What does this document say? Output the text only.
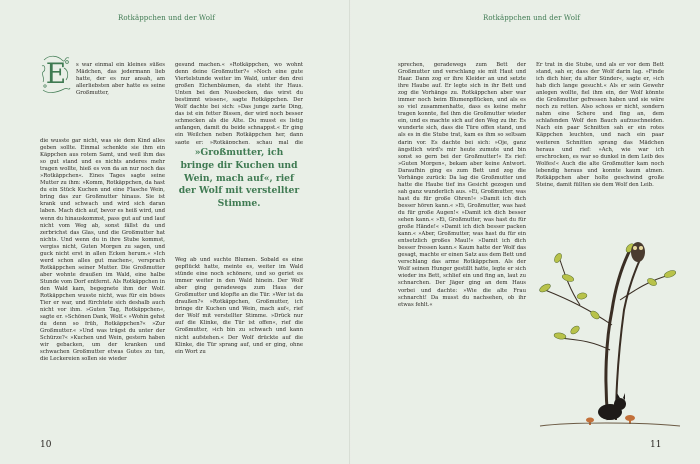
Rotkäppchen und der Wolf	Rotkäppchen und der Wolf
E s war einmal ein kleines süßes Mädchen, das jedermann lieb hatte, der es nur ansah, am allerliebsten aber hatte es seine Großmutter,
die wusste gar nicht, was sie dem Kind alles geben sollte. Einmal schenkte sie ihm ein Käppchen aus rotem Samt, und weil ihm das so gut stand und es nichts anderes mehr tragen wollte, hieß es von da an nur noch das »Rotkäppchen«. Eines Tages sagte seine Mutter zu ihm: »Komm, Rotkäppchen, da hast du ein Stück Kuchen und eine Flasche Wein, bring das zur Großmutter hinaus. Sie ist krank und schwach und wird sich daran laben. Mach dich auf, bevor es heiß wird, und wenn du hinauskommst, pass gut auf und lauf nicht vom Weg ab, sonst fällst du und zerbrichst das Glas, und die Großmutter hat nichts. Und wenn du in ihre Stube kommst, vergiss nicht, Guten Morgen zu sagen, und guck nicht erst in allen Ecken herum.« »Ich werd schon alles gut machen«, versprach Rotkäppchen seiner Mutter. Die Großmutter aber wohnte draußen im Wald, eine halbe Stunde vom Dorf entfernt. Als Rotkäppchen in den Wald kam, begegnete ihm der Wolf. Rotkäppchen wusste nicht, was für ein böses Tier er war, und fürchtete sich deshalb auch nicht vor ihm. »Guten Tag, Rotkäppchen«, sagte er. »Schönen Dank, Wolf.« »Wohin gehst du denn so früh, Rotkäppchen?« »Zur Großmutter.« »Und was trägst du unter der Schürze?« »Kuchen und Wein, gestern haben wir gebacken, um der kranken und schwachen Großmutter etwas Gutes zu tun, die Leckereien sollen sie wieder
gesund machen.« »Rotkäppchen, wo wohnt denn deine Großmutter?« »Noch eine gute Viertelstunde weiter im Wald, unter den drei großen Eichenbäumen, da steht ihr Haus. Unten bei den Nussbecken, das wirst du bestimmt wissen«, sagte Rotkäppchen. Der Wolf dachte bei sich: »Das junge zarte Ding, das ist ein fetter Bissen, der wird noch besser schmecken als die Alte. Du musst es listig anfangen, damit du beide schnappst.« Er ging ein Weilchen neben Rotkäppchen her, dann sagte er: »Rotkäppchen, schau mal die
»Großmutter, ich bringe dir Kuchen und Wein, mach auf«, rief der Wolf mit verstellter Stimme.
Weg ab und suchte Blumen. Sobald es eine gepflückt hatte, meinte es, weiter im Wald stünde eine noch schönere, und so geriet es immer weiter in den Wald hinein. Der Wolf aber ging geradewegs zum Haus der Großmutter und klopfte an die Tür. »Wer ist da draußen?« »Rotkäppchen, Großmutter, ich bringe dir Kuchen und Wein, mach auf«, rief der Wolf mit verstellter Stimme. »Drück nur auf die Klinke, die Tür ist offen«, rief die Großmutter, »ich bin zu schwach und kann nicht aufstehen.« Der Wolf drückte auf die Klinke, die Tür sprang auf, und er ging, ohne ein Wort zu
sprechen, geradewegs zum Bett der Großmutter und verschlang sie mit Haut und Haar. Dann zog er ihre Kleider an und setzte ihre Haube auf. Er legte sich in ihr Bett und zog die Vorhänge zu. Rotkäppchen aber war immer noch beim Blumenpflücken, und als es so viel zusammenhatte, dass es keine mehr tragen konnte, fiel ihm die Großmutter wieder ein, und es machte sich auf den Weg zu ihr. Es wunderte sich, dass die Türe offen stand, und als es in die Stube trat, kam es ihm so seltsam darin vor. Es dachte bei sich: »Oje, ganz ängstlich wird's mir heute zumute und bin sonst so gern bei der Großmutter!« Es rief: »Guten Morgen«, bekam aber keine Antwort. Daraufhin ging es zum Bett und zog die Vorhänge zurück: Da lag die Großmutter und hatte die Haube tief ins Gesicht gezogen und sah ganz wunderlich aus. »Ei, Großmutter, was hast du für große Ohren!« »Damit ich dich besser hören kann.« »Ei, Großmutter, was hast du für große Augen!« »Damit ich dich besser sehen kann.« »Ei, Großmutter, was hast du für große Hände!« »Damit ich dich besser packen kann.« »Aber, Großmutter, was hast du für ein entsetzlich großes Maul!« »Damit ich dich besser fressen kann.« Kaum hatte der Wolf das gesagt, machte er einen Satz aus dem Bett und verschlang das arme Rotkäppchen. Als der Wolf seinen Hunger gestillt hatte, legte er sich wieder ins Bett, schlief ein und fing an, laut zu schnarchen. Der Jäger ging an dem Haus vorbei und dachte: »Wie die alte Frau schnarcht! Da musst du nachsehen, ob ihr etwas fehlt.«
Er trat in die Stube, und als er vor dem Bett stand, sah er, dass der Wolf darin lag. »Finde ich dich hier, du alter Sünder«, sagte er, »ich hab dich lange gesucht.« Als er sein Gewehr anlegen wollte, fiel ihm ein, der Wolf könnte die Großmutter gefressen haben und sie wäre noch zu retten. Also schoss er nicht, sondern nahm eine Schere und fing an, dem schlafenden Wolf den Bauch aufzuschneiden. Nach ein paar Schnitten sah er ein rotes Käppchen leuchten, und nach ein paar weiteren Schnitten sprang das Mädchen heraus und rief: »Ach, wie war ich erschrocken, es war so dunkel in dem Leib des Wolfes!« Auch die alte Großmutter kam noch lebendig heraus und konnte kaum atmen. Rotkäppchen aber holte geschwind große Steine, damit füllten sie dem Wolf den Leib.
10	11
